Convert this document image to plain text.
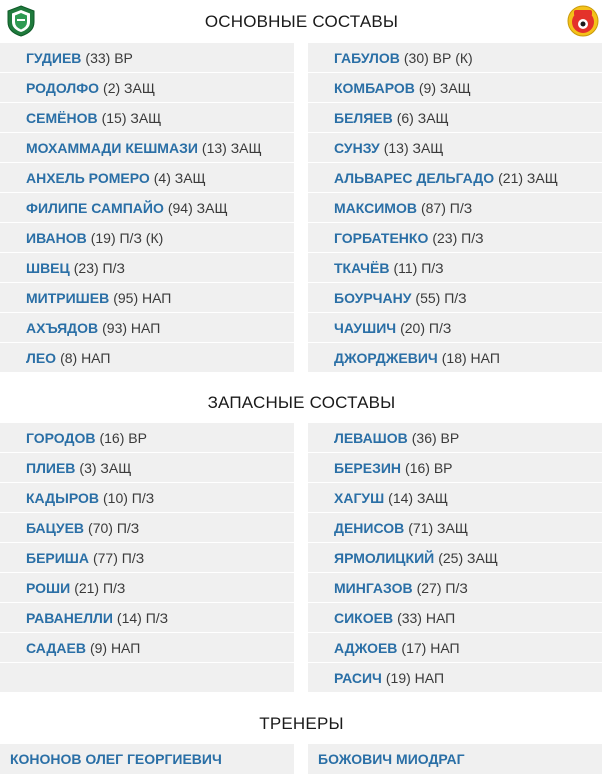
ОСНОВНЫЕ СОСТАВЫ
ГУДИЕВ (33) ВР
РОДОЛФО (2) ЗАЩ
СЕМЁНОВ (15) ЗАЩ
МОХАММАДИ КЕШМАЗИ (13) ЗАЩ
АНХЕЛЬ РОМЕРО (4) ЗАЩ
ФИЛИПЕ САМПАЙО (94) ЗАЩ
ИВАНОВ (19) П/З (К)
ШВЕЦ (23) П/З
МИТРИШЕВ (95) НАП
АХЪЯДОВ (93) НАП
ЛЕО (8) НАП
ГАБУЛОВ (30) ВР (К)
КОМБАРОВ (9) ЗАЩ
БЕЛЯЕВ (6) ЗАЩ
СУНЗУ (13) ЗАЩ
АЛЬВАРЕС ДЕЛЬГАДО (21) ЗАЩ
МАКСИМОВ (87) П/З
ГОРБАТЕНКО (23) П/З
ТКАЧЁВ (11) П/З
БОУРЧАНУ (55) П/З
ЧАУШИЧ (20) П/З
ДЖОРДЖЕВИЧ (18) НАП
ЗАПАСНЫЕ СОСТАВЫ
ГОРОДОВ (16) ВР
ПЛИЕВ (3) ЗАЩ
КАДЫРОВ (10) П/З
БАЦУЕВ (70) П/З
БЕРИША (77) П/З
РОШИ (21) П/З
РАВАНЕЛЛИ (14) П/З
САДАЕВ (9) НАП
ЛЕВАШОВ (36) ВР
БЕРЕЗИН (16) ВР
ХАГУШ (14) ЗАЩ
ДЕНИСОВ (71) ЗАЩ
ЯРМОЛИЦКИЙ (25) ЗАЩ
МИНГАЗОВ (27) П/З
СИКОЕВ (33) НАП
АДЖОЕВ (17) НАП
РАСИЧ (19) НАП
ТРЕНЕРЫ
КОНОНОВ ОЛЕГ ГЕОРГИЕВИЧ	БОЖОВИЧ МИОДРАГ
